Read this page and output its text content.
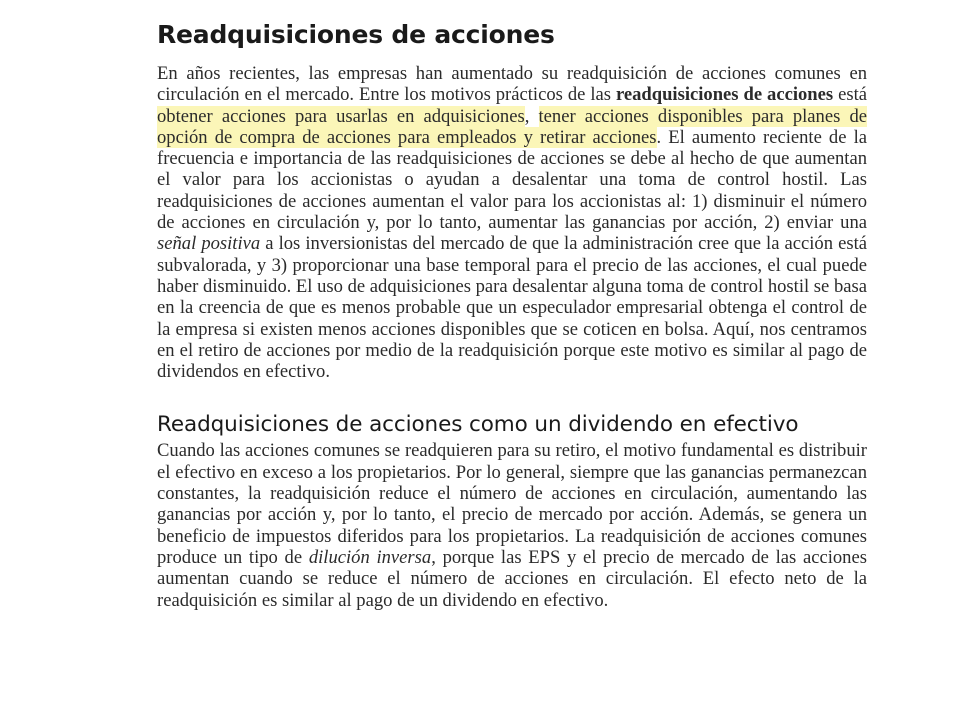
Readquisiciones de acciones

En años recientes, las empresas han aumentado su readquisición de acciones comunes en circulación en el mercado. Entre los motivos prácticos de las readquisiciones de acciones está obtener acciones para usarlas en adquisiciones, tener acciones disponibles para planes de opción de compra de acciones para empleados y retirar acciones. El aumento reciente de la frecuencia e importancia de las readquisiciones de acciones se debe al hecho de que aumentan el valor para los accionistas o ayudan a desalentar una toma de control hostil. Las readquisiciones de acciones aumentan el valor para los accionistas al: 1) disminuir el número de acciones en circulación y, por lo tanto, aumentar las ganancias por acción, 2) enviar una señal positiva a los inversionistas del mercado de que la administración cree que la acción está subvalorada, y 3) proporcionar una base temporal para el precio de las acciones, el cual puede haber disminuido. El uso de adquisiciones para desalentar alguna toma de control hostil se basa en la creencia de que es menos probable que un especulador empresarial obtenga el control de la empresa si existen menos acciones disponibles que se coticen en bolsa. Aquí, nos centramos en el retiro de acciones por medio de la readquisición porque este motivo es similar al pago de dividendos en efectivo.

Readquisiciones de acciones como un dividendo en efectivo

Cuando las acciones comunes se readquieren para su retiro, el motivo fundamental es distribuir el efectivo en exceso a los propietarios. Por lo general, siempre que las ganancias permanezcan constantes, la readquisición reduce el número de acciones en circulación, aumentando las ganancias por acción y, por lo tanto, el precio de mercado por acción. Además, se genera un beneficio de impuestos diferidos para los propietarios. La readquisición de acciones comunes produce un tipo de dilución inversa, porque las EPS y el precio de mercado de las acciones aumentan cuando se reduce el número de acciones en circulación. El efecto neto de la readquisición es similar al pago de un dividendo en efectivo.
